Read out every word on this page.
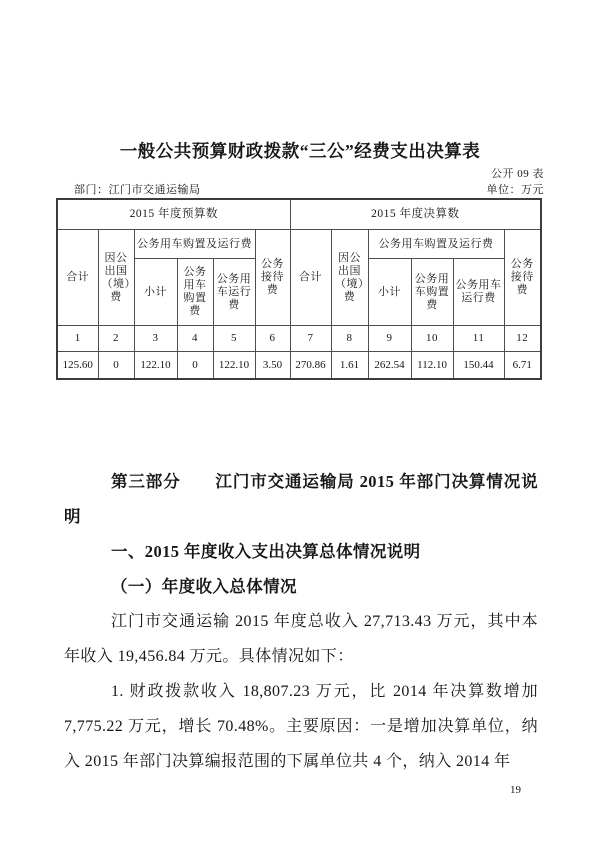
一般公共预算财政拨款“三公”经费支出决算表
公开 09 表
部门：江门市交通运输局	单位：万元
2015 年度预算数						2015 年度决算数					
合计	因公出国（境）费	公务用车购置及运行费			公务接待费	合计	因公出国（境）费	公务用车购置及运行费			公务接待费
		小计	公务用车购置费	公务用车运行费				小计	公务用车购置费	公务用车运行费	
1	2	3	4	5	6	7	8	9	10	11	12
125.60	0	122.10	0	122.10	3.50	270.86	1.61	262.54	112.10	150.44	6.71

第三部分　　江门市交通运输局 2015 年部门决算情况说明

一、2015 年度收入支出决算总体情况说明

（一）年度收入总体情况

江门市交通运输 2015 年度总收入 27,713.43 万元，其中本年收入 19,456.84 万元。具体情况如下：

1. 财政拨款收入 18,807.23 万元，比 2014 年决算数增加 7,775.22 万元，增长 70.48%。主要原因：一是增加决算单位，纳入 2015 年部门决算编报范围的下属单位共 4 个，纳入 2014 年

19
